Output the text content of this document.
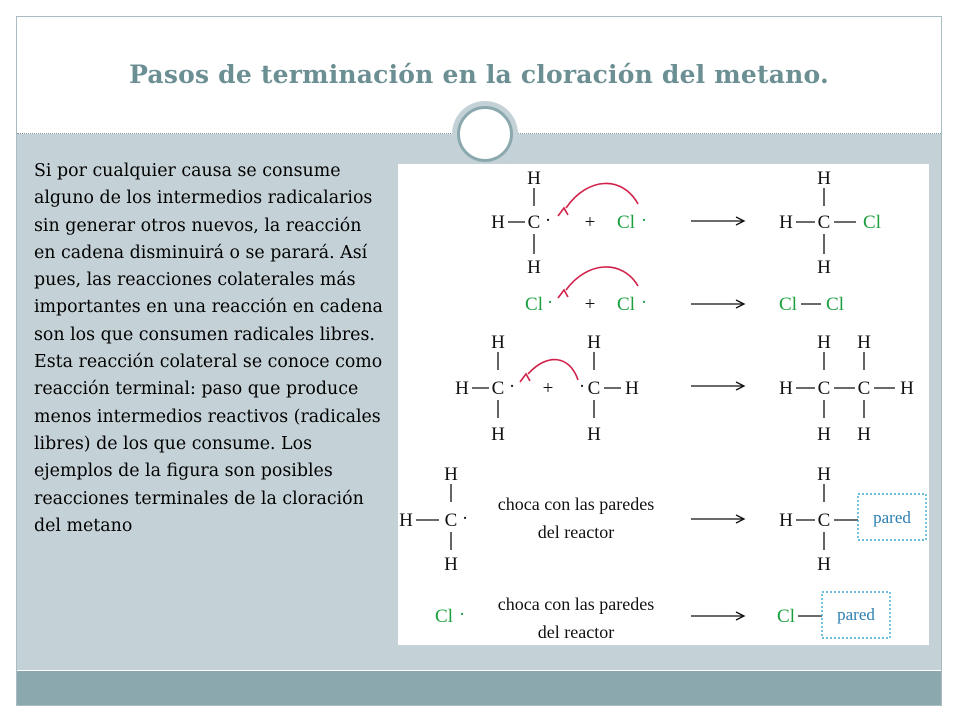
Pasos de terminación en la cloración del metano.

Si por cualquier causa se consume alguno de los intermedios radicalarios sin generar otros nuevos, la reacción en cadena disminuirá o se parará. Así pues, las reacciones colaterales más importantes en una reacción en cadena son los que consumen radicales libres. Esta reacción colateral se conoce como reacción terminal: paso que produce menos intermedios reactivos (radicales libres) de los que consume. Los ejemplos de la figura son posibles reacciones terminales de la cloración del metano

H
H C ·
H
+ Cl ·
H
H C Cl
H
Cl · + Cl ·	Cl Cl
H
H C ·
H
+ ·
H
C H
H
H H
H C C H
H H
H
H C ·
H
choca con las paredes
del reactor
H
H C
H
pared
Cl · choca con las paredes
del reactor
Cl pared
